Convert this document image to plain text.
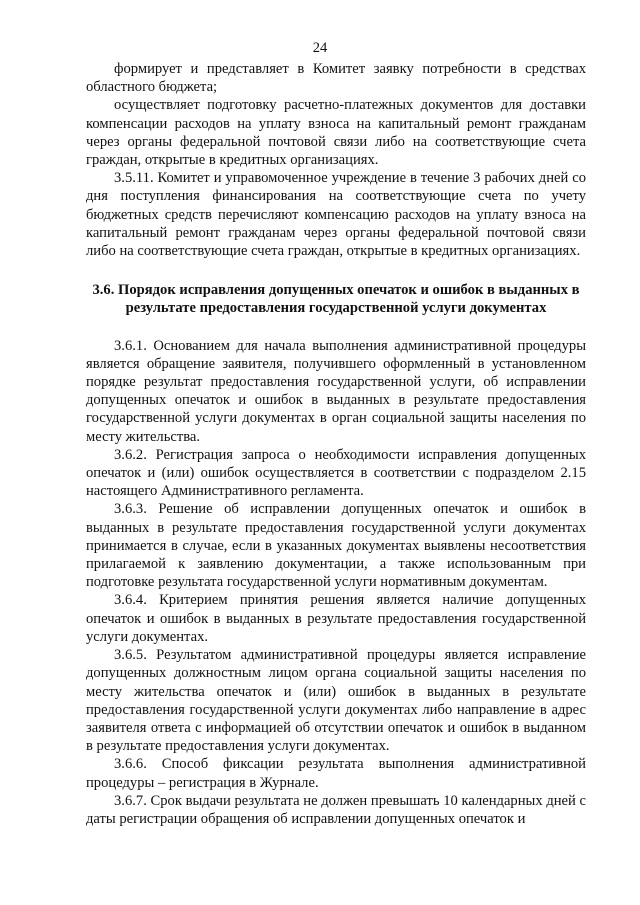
24

формирует и представляет в Комитет заявку потребности в средствах областного бюджета;

осуществляет подготовку расчетно-платежных документов для доставки компенсации расходов на уплату взноса на капитальный ремонт гражданам через органы федеральной почтовой связи либо на соответствующие счета граждан, открытые в кредитных организациях.

3.5.11. Комитет и управомоченное учреждение в течение 3 рабочих дней со дня поступления финансирования на соответствующие счета по учету бюджетных средств перечисляют компенсацию расходов на уплату взноса на капитальный ремонт гражданам через органы федеральной почтовой связи либо на соответствующие счета граждан, открытые в кредитных организациях.

3.6. Порядок исправления допущенных опечаток и ошибок в выданных в результате предоставления государственной услуги документах

3.6.1. Основанием для начала выполнения административной процедуры является обращение заявителя, получившего оформленный в установленном порядке результат предоставления государственной услуги, об исправлении допущенных опечаток и ошибок в выданных в результате предоставления государственной услуги документах в орган социальной защиты населения по месту жительства.

3.6.2. Регистрация запроса о необходимости исправления допущенных опечаток и (или) ошибок осуществляется в соответствии с подразделом 2.15 настоящего Административного регламента.

3.6.3. Решение об исправлении допущенных опечаток и ошибок в выданных в результате предоставления государственной услуги документах принимается в случае, если в указанных документах выявлены несоответствия прилагаемой к заявлению документации, а также использованным при подготовке результата государственной услуги нормативным документам.

3.6.4. Критерием принятия решения является наличие допущенных опечаток и ошибок в выданных в результате предоставления государственной услуги документах.

3.6.5. Результатом административной процедуры является исправление допущенных должностным лицом органа социальной защиты населения по месту жительства опечаток и (или) ошибок в выданных в результате предоставления государственной услуги документах либо направление в адрес заявителя ответа с информацией об отсутствии опечаток и ошибок в выданном в результате предоставления услуги документах.

3.6.6. Способ фиксации результата выполнения административной процедуры – регистрация в Журнале.

3.6.7. Срок выдачи результата не должен превышать 10 календарных дней с даты регистрации обращения об исправлении допущенных опечаток и
